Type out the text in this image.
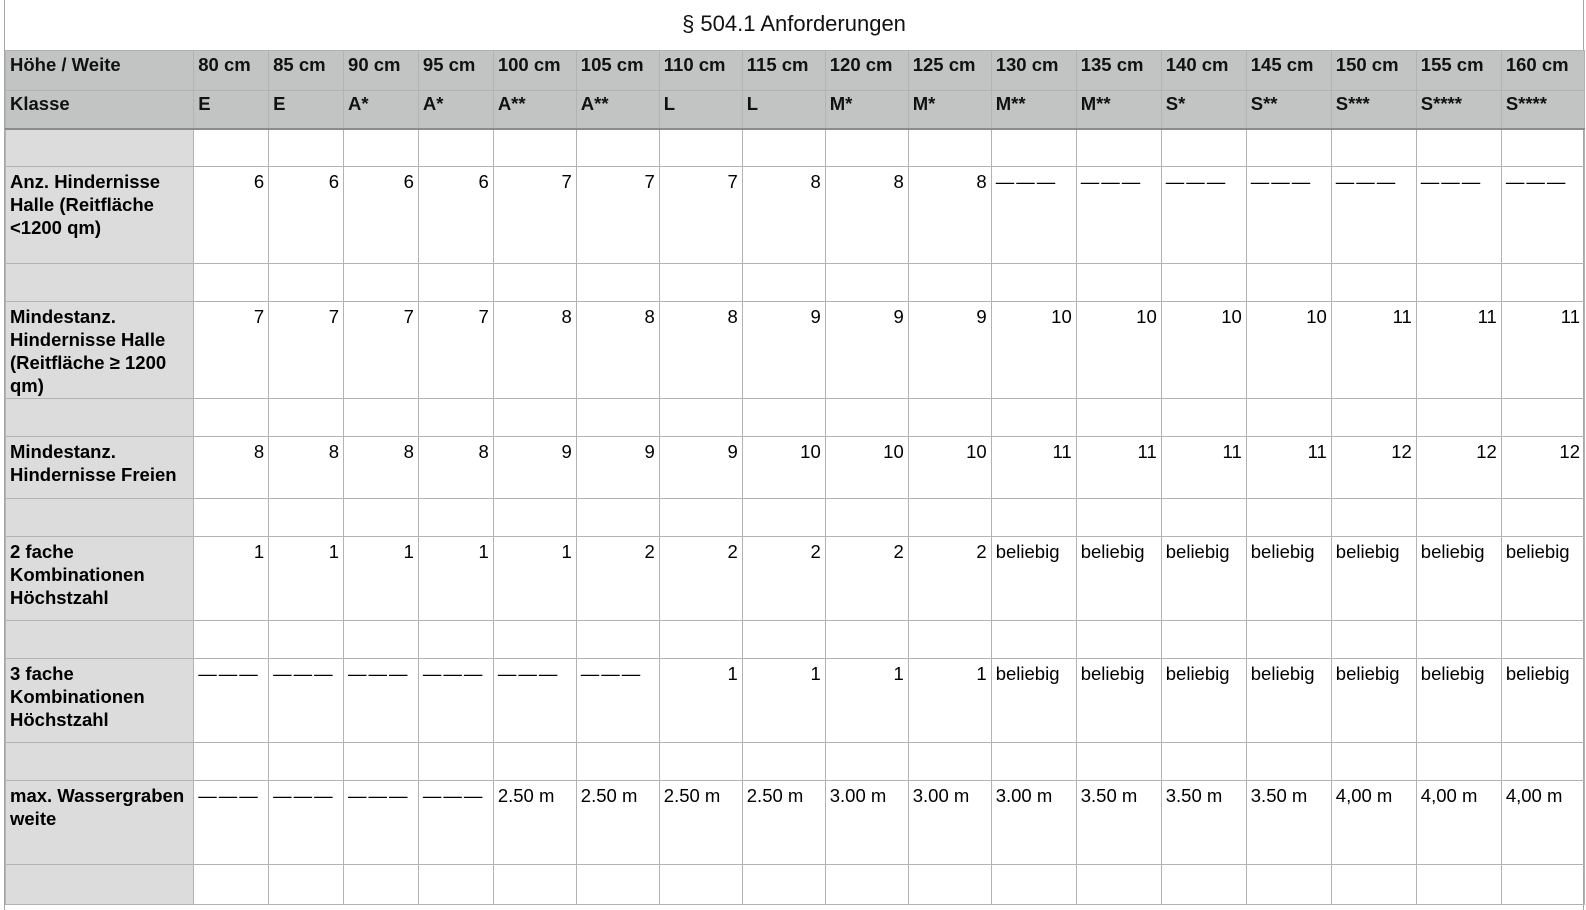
§ 504.1 Anforderungen
Höhe / Weite	80 cm	85 cm	90 cm	95 cm	100 cm	105 cm	110 cm	115 cm	120 cm	125 cm	130 cm	135 cm	140 cm	145 cm	150 cm	155 cm	160 cm
Klasse	E	E	A*	A*	A**	A**	L	L	M*	M*	M**	M**	S*	S**	S***	S****	S****

Anz. Hindernisse Halle (Reitfläche <1200 qm)	6	6	6	6	7	7	7	8	8	8	———	———	———	———	———	———	———

Mindestanz. Hindernisse Halle (Reitfläche ≥ 1200 qm)	7	7	7	7	8	8	8	9	9	9	10	10	10	10	11	11	11

Mindestanz. Hindernisse Freien	8	8	8	8	9	9	9	10	10	10	11	11	11	11	12	12	12

2 fache Kombinationen Höchstzahl	1	1	1	1	1	2	2	2	2	2	beliebig	beliebig	beliebig	beliebig	beliebig	beliebig	beliebig

3 fache Kombinationen Höchstzahl	———	———	———	———	———	———	1	1	1	1	beliebig	beliebig	beliebig	beliebig	beliebig	beliebig	beliebig

max. Wassergraben weite	———	———	———	———	2.50 m	2.50 m	2.50 m	2.50 m	3.00 m	3.00 m	3.00 m	3.50 m	3.50 m	3.50 m	4,00 m	4,00 m	4,00 m
